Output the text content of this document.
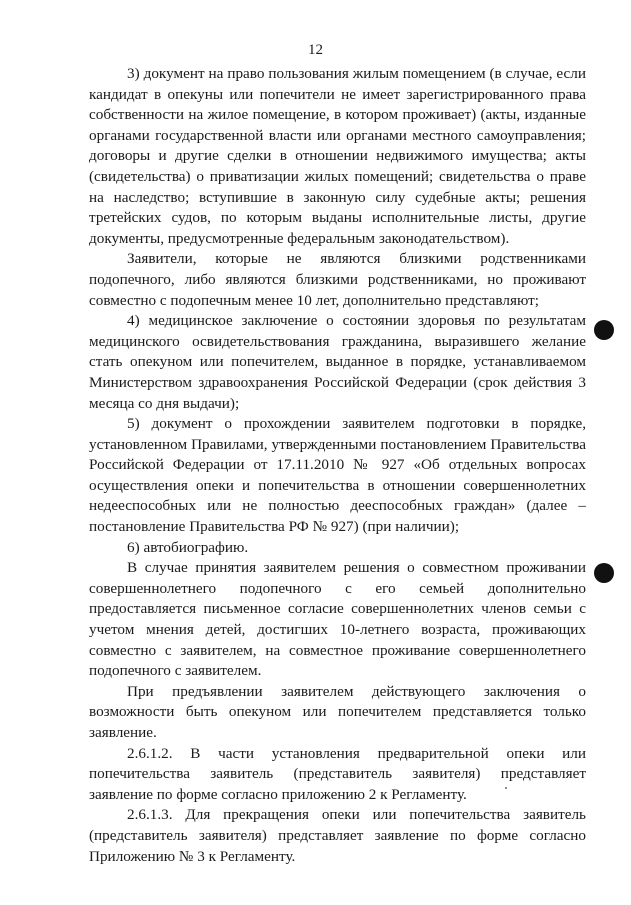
12

3) документ на право пользования жилым помещением (в случае, если кандидат в опекуны или попечители не имеет зарегистрированного права собственности на жилое помещение, в котором проживает) (акты, изданные органами государственной власти или органами местного самоуправления; договоры и другие сделки в отношении недвижимого имущества; акты (свидетельства) о приватизации жилых помещений; свидетельства о праве на наследство; вступившие в законную силу судебные акты; решения третейских судов, по которым выданы исполнительные листы, другие документы, предусмотренные федеральным законодательством).

Заявители, которые не являются близкими родственниками подопечного, либо являются близкими родственниками, но проживают совместно с подопечным менее 10 лет, дополнительно представляют;

4) медицинское заключение о состоянии здоровья по результатам медицинского освидетельствования гражданина, выразившего желание стать опекуном или попечителем, выданное в порядке, устанавливаемом Министерством здравоохранения Российской Федерации (срок действия 3 месяца со дня выдачи);

5) документ о прохождении заявителем подготовки в порядке, установленном Правилами, утвержденными постановлением Правительства Российской Федерации от 17.11.2010 № 927 «Об отдельных вопросах осуществления опеки и попечительства в отношении совершеннолетних недееспособных или не полностью дееспособных граждан» (далее – постановление Правительства РФ № 927) (при наличии);

6) автобиографию.

В случае принятия заявителем решения о совместном проживании совершеннолетнего подопечного с его семьей дополнительно предоставляется письменное согласие совершеннолетних членов семьи с учетом мнения детей, достигших 10-летнего возраста, проживающих совместно с заявителем, на совместное проживание совершеннолетнего подопечного с заявителем.

При предъявлении заявителем действующего заключения о возможности быть опекуном или попечителем представляется только заявление.

2.6.1.2. В части установления предварительной опеки или попечительства заявитель (представитель заявителя) представляет заявление по форме согласно приложению 2 к Регламенту.

2.6.1.3. Для прекращения опеки или попечительства заявитель (представитель заявителя) представляет заявление по форме согласно Приложению № 3 к Регламенту.
